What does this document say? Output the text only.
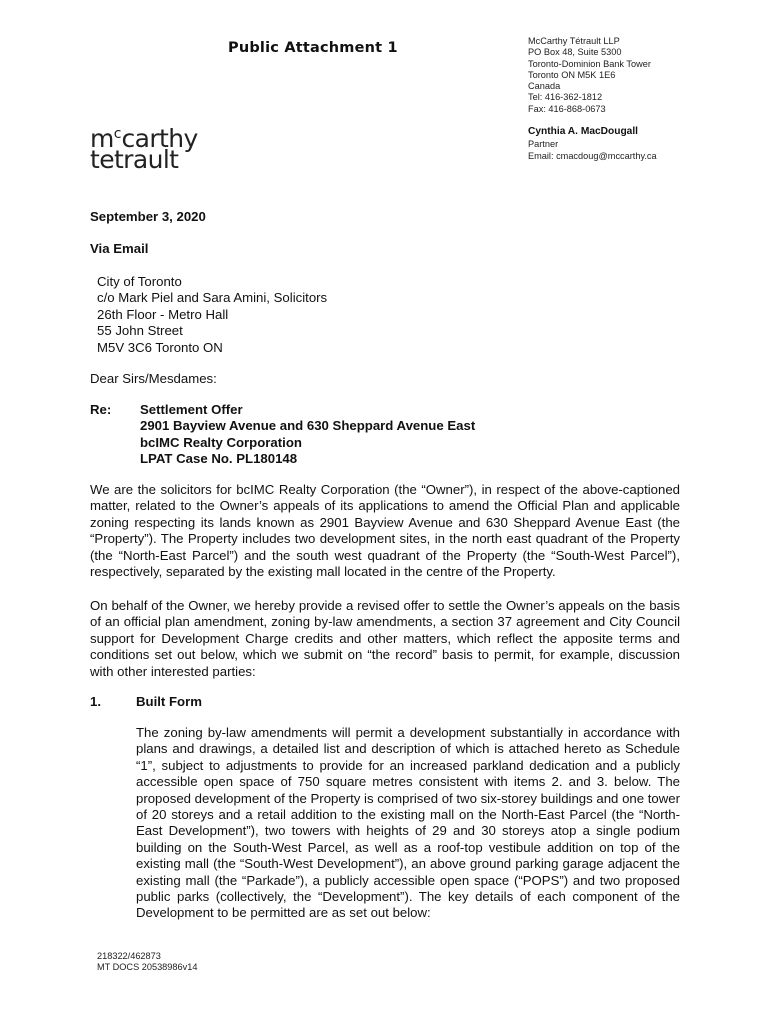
Public Attachment 1	McCarthy Tétrault LLP
PO Box 48, Suite 5300
Toronto-Dominion Bank Tower
Toronto ON M5K 1E6
Canada
Tel: 416-362-1812
Fax: 416-868-0673
$m^ccarthy$
tetrault
Cynthia A. MacDougall
Partner
Email: cmacdoug@mccarthy.ca
September 3, 2020
Via Email
City of Toronto
c/o Mark Piel and Sara Amini, Solicitors
26th Floor - Metro Hall
55 John Street
M5V 3C6 Toronto ON
Dear Sirs/Mesdames:
Re: Settlement Offer
2901 Bayview Avenue and 630 Sheppard Avenue East
bcIMC Realty Corporation
LPAT Case No. PL180148
We are the solicitors for bcIMC Realty Corporation (the “Owner”), in respect of the above-captioned matter, related to the Owner’s appeals of its applications to amend the Official Plan and applicable zoning respecting its lands known as 2901 Bayview Avenue and 630 Sheppard Avenue East (the “Property”). The Property includes two development sites, in the north east quadrant of the Property (the “North-East Parcel”) and the south west quadrant of the Property (the “South-West Parcel”), respectively, separated by the existing mall located in the centre of the Property.
On behalf of the Owner, we hereby provide a revised offer to settle the Owner’s appeals on the basis of an official plan amendment, zoning by-law amendments, a section 37 agreement and City Council support for Development Charge credits and other matters, which reflect the apposite terms and conditions set out below, which we submit on “the record” basis to permit, for example, discussion with other interested parties:
1.	Built Form
The zoning by-law amendments will permit a development substantially in accordance with plans and drawings, a detailed list and description of which is attached hereto as Schedule “1”, subject to adjustments to provide for an increased parkland dedication and a publicly accessible open space of 750 square metres consistent with items 2. and 3. below. The proposed development of the Property is comprised of two six-storey buildings and one tower of 20 storeys and a retail addition to the existing mall on the North-East Parcel (the “North-East Development”), two towers with heights of 29 and 30 storeys atop a single podium building on the South-West Parcel, as well as a roof-top vestibule addition on top of the existing mall (the “South-West Development”), an above ground parking garage adjacent the existing mall (the “Parkade”), a publicly accessible open space (“POPS”) and two proposed public parks (collectively, the “Development”). The key details of each component of the Development to be permitted are as set out below:
218322/462873
MT DOCS 20538986v14
